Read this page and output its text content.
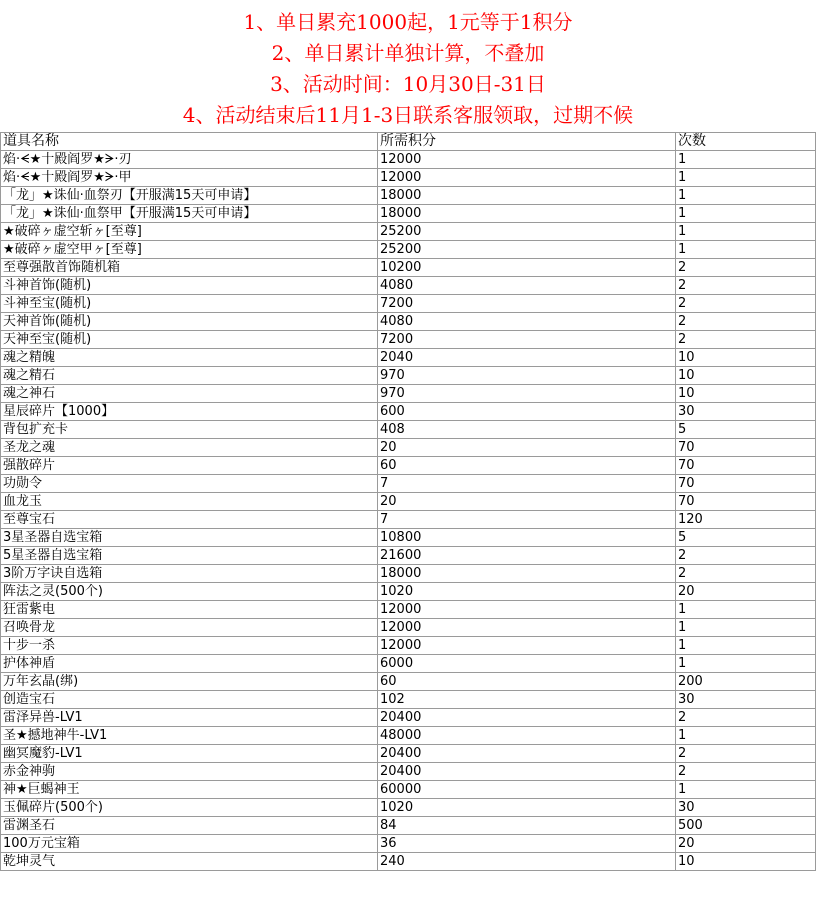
1、单日累充1000起，1元等于1积分
2、单日累计单独计算，不叠加
3、活动时间：10月30日-31日
4、活动结束后11月1-3日联系客服领取，过期不候
道具名称	所需积分	次数
焰·ᗕ★十殿阎罗★ᗒ·刃	12000	1
焰·ᗕ★十殿阎罗★ᗒ·甲	12000	1
「龙」★诛仙·血祭刃【开服满15天可申请】	18000	1
「龙」★诛仙·血祭甲【开服满15天可申请】	18000	1
★破碎ヶ虚空斩ヶ[至尊]	25200	1
★破碎ヶ虚空甲ヶ[至尊]	25200	1
至尊强散首饰随机箱	10200	2
斗神首饰(随机)	4080	2
斗神至宝(随机)	7200	2
天神首饰(随机)	4080	2
天神至宝(随机)	7200	2
魂之精魄	2040	10
魂之精石	970	10
魂之神石	970	10
星辰碎片【1000】	600	30
背包扩充卡	408	5
圣龙之魂	20	70
强散碎片	60	70
功勋令	7	70
血龙玉	20	70
至尊宝石	7	120
3星圣器自选宝箱	10800	5
5星圣器自选宝箱	21600	2
3阶万字诀自选箱	18000	2
阵法之灵(500个)	1020	20
狂雷紫电	12000	1
召唤骨龙	12000	1
十步一杀	12000	1
护体神盾	6000	1
万年玄晶(绑)	60	200
创造宝石	102	30
雷泽异兽-LV1	20400	2
圣★撼地神牛-LV1	48000	1
幽冥魔豹-LV1	20400	2
赤金神驹	20400	2
神★巨蝎神王	60000	1
玉佩碎片(500个)	1020	30
雷渊圣石	84	500
100万元宝箱	36	20
乾坤灵气	240	10
